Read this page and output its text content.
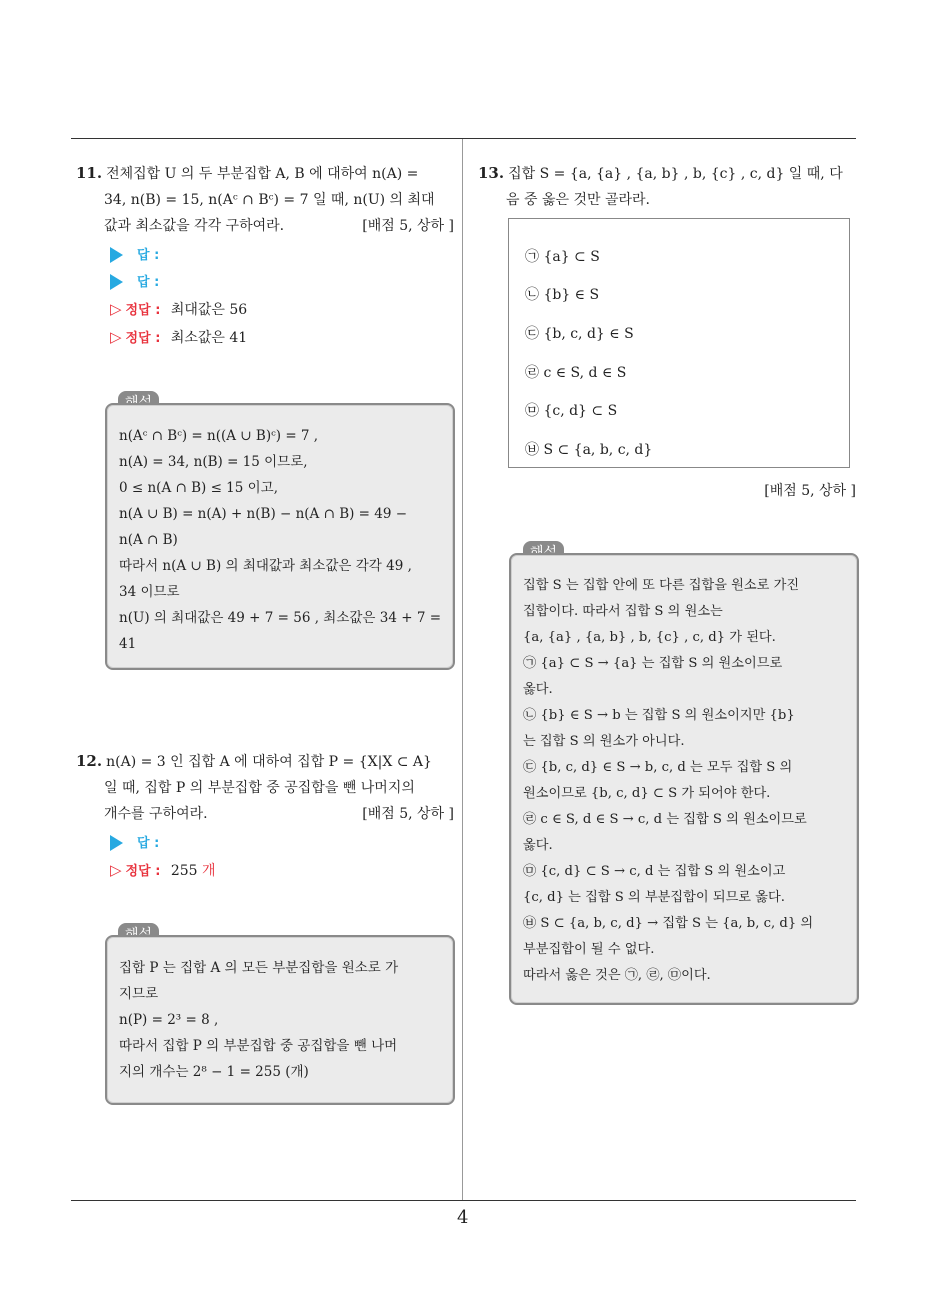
4
11. 전체집합 U 의 두 부분집합 A, B 에 대하여 n(A) =
34, n(B) = 15, n(Aᶜ ∩ Bᶜ) = 7 일 때, n(U) 의 최대
값과 최소값을 각각 구하여라.	[배점 5, 상하 ]
답 :
답 :
▷ 정답 : 최대값은 56
▷ 정답 : 최소값은 41
n(Aᶜ ∩ Bᶜ) = n((A ∪ B)ᶜ) = 7 ,
n(A) = 34, n(B) = 15 이므로,
0 ≤ n(A ∩ B) ≤ 15 이고,
n(A ∪ B) = n(A) + n(B) − n(A ∩ B) = 49 −
n(A ∩ B)
따라서 n(A ∪ B) 의 최대값과 최소값은 각각 49 ,
34 이므로
n(U) 의 최대값은 49 + 7 = 56 , 최소값은 34 + 7 =
41
12. n(A) = 3 인 집합 A 에 대하여 집합 P = {X|X ⊂ A}
일 때, 집합 P 의 부분집합 중 공집합을 뺀 나머지의
개수를 구하여라.	[배점 5, 상하 ]
답 :
▷ 정답 : 255 개
집합 P 는 집합 A 의 모든 부분집합을 원소로 가
지므로
n(P) = 2³ = 8 ,
따라서 집합 P 의 부분집합 중 공집합을 뺀 나머
지의 개수는 2⁸ − 1 = 255 (개)
13. 집합 S = {a, {a} , {a, b} , b, {c} , c, d} 일 때, 다
음 중 옳은 것만 골라라.
㉠ {a} ⊂ S
㉡ {b} ∈ S
㉢ {b, c, d} ∈ S
㉣ c ∈ S, d ∈ S
㉤ {c, d} ⊂ S
㉥ S ⊂ {a, b, c, d}
[배점 5, 상하 ]
집합 S 는 집합 안에 또 다른 집합을 원소로 가진
집합이다. 따라서 집합 S 의 원소는
{a, {a} , {a, b} , b, {c} , c, d} 가 된다.
㉠ {a} ⊂ S → {a} 는 집합 S 의 원소이므로
옳다.
㉡ {b} ∈ S → b 는 집합 S 의 원소이지만 {b}
는 집합 S 의 원소가 아니다.
㉢ {b, c, d} ∈ S → b, c, d 는 모두 집합 S 의
원소이므로 {b, c, d} ⊂ S 가 되어야 한다.
㉣ c ∈ S, d ∈ S → c, d 는 집합 S 의 원소이므로
옳다.
㉤ {c, d} ⊂ S → c, d 는 집합 S 의 원소이고
{c, d} 는 집합 S 의 부분집합이 되므로 옳다.
㉥ S ⊂ {a, b, c, d} → 집합 S 는 {a, b, c, d} 의
부분집합이 될 수 없다.
따라서 옳은 것은 ㉠, ㉣, ㉤이다.
